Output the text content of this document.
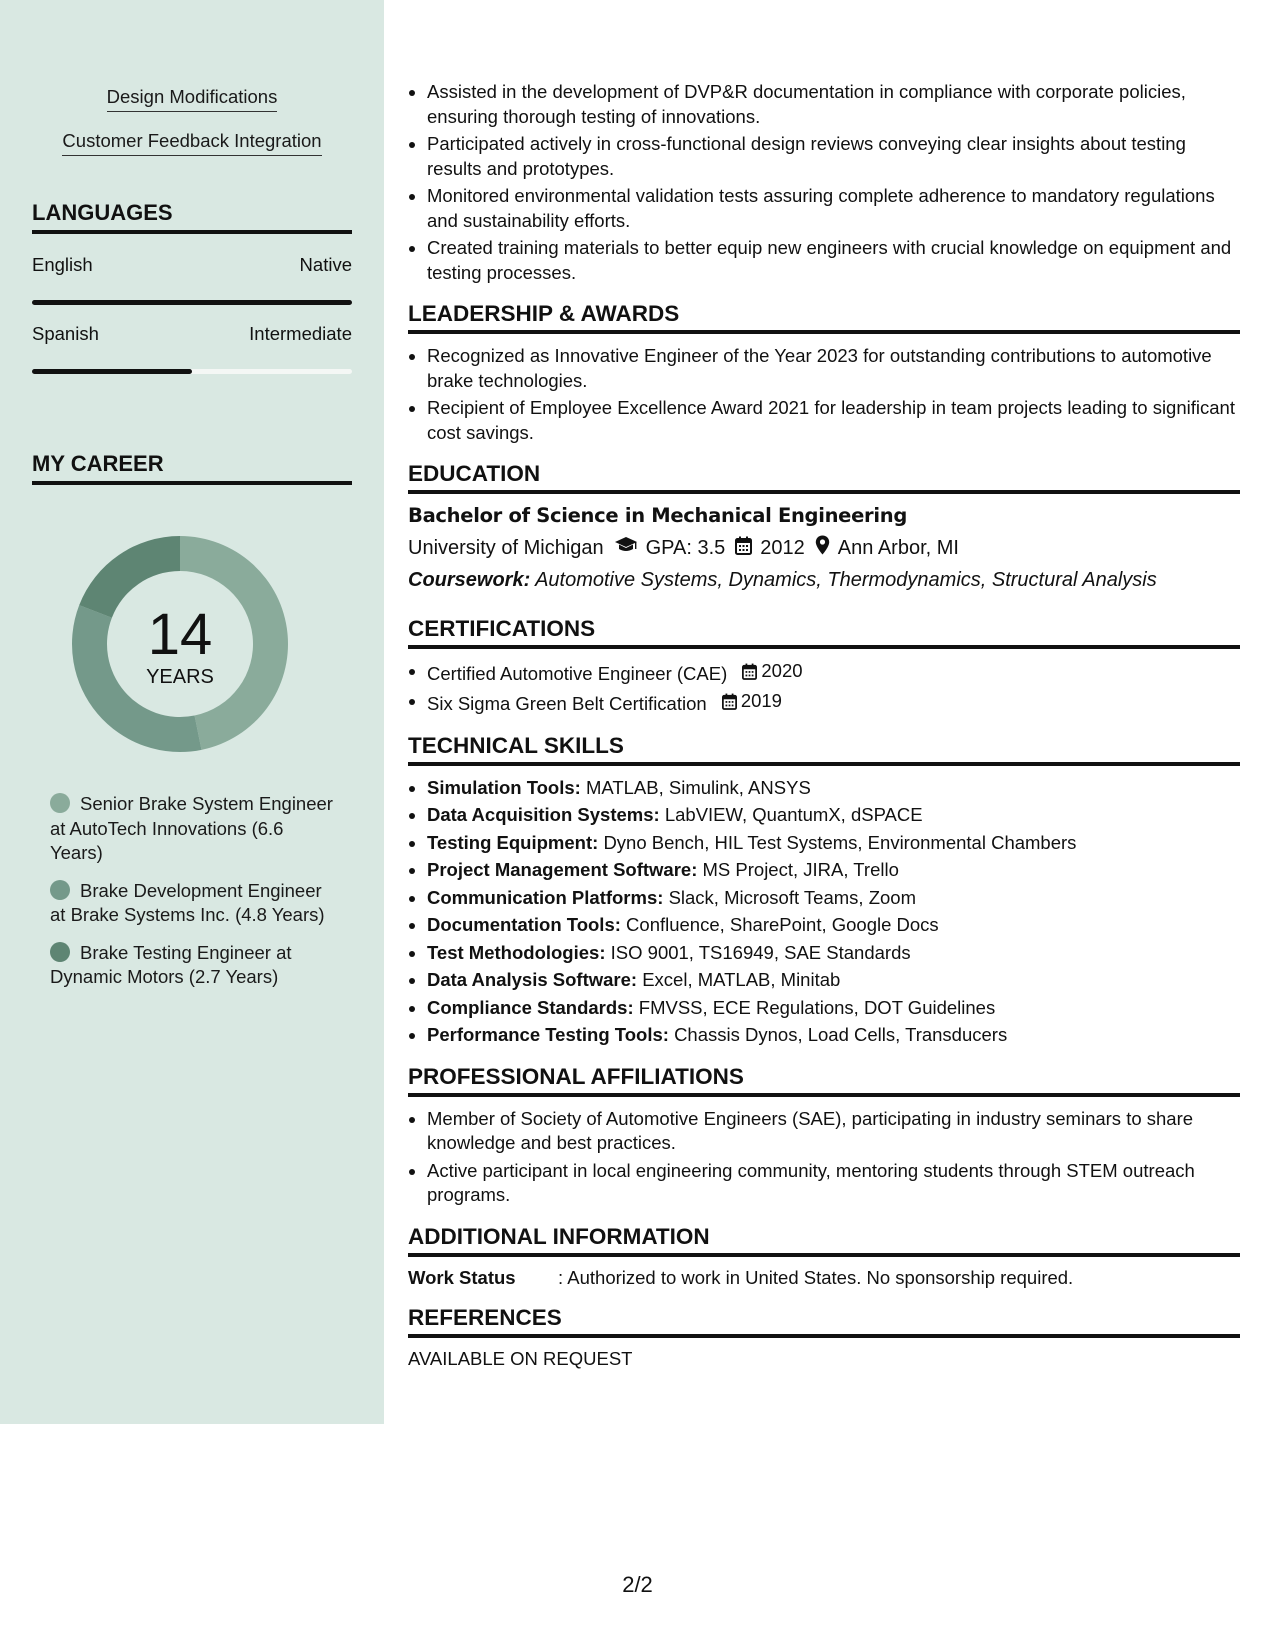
Design Modifications
Customer Feedback Integration
LANGUAGES
English	Native
Spanish	Intermediate
MY CAREER
14
YEARS
Senior Brake System Engineer at AutoTech Innovations (6.6 Years)
Brake Development Engineer at Brake Systems Inc. (4.8 Years)
Brake Testing Engineer at Dynamic Motors (2.7 Years)
Assisted in the development of DVP&R documentation in compliance with corporate policies, ensuring thorough testing of innovations.
Participated actively in cross-functional design reviews conveying clear insights about testing results and prototypes.
Monitored environmental validation tests assuring complete adherence to mandatory regulations and sustainability efforts.
Created training materials to better equip new engineers with crucial knowledge on equipment and testing processes.
LEADERSHIP & AWARDS
Recognized as Innovative Engineer of the Year 2023 for outstanding contributions to automotive brake technologies.
Recipient of Employee Excellence Award 2021 for leadership in team projects leading to significant cost savings.
EDUCATION
Bachelor of Science in Mechanical Engineering
University of Michigan GPA: 3.5 2012 Ann Arbor, MI
Coursework: Automotive Systems, Dynamics, Thermodynamics, Structural Analysis
CERTIFICATIONS
Certified Automotive Engineer (CAE) 2020
Six Sigma Green Belt Certification 2019
TECHNICAL SKILLS
Simulation Tools: MATLAB, Simulink, ANSYS
Data Acquisition Systems: LabVIEW, QuantumX, dSPACE
Testing Equipment: Dyno Bench, HIL Test Systems, Environmental Chambers
Project Management Software: MS Project, JIRA, Trello
Communication Platforms: Slack, Microsoft Teams, Zoom
Documentation Tools: Confluence, SharePoint, Google Docs
Test Methodologies: ISO 9001, TS16949, SAE Standards
Data Analysis Software: Excel, MATLAB, Minitab
Compliance Standards: FMVSS, ECE Regulations, DOT Guidelines
Performance Testing Tools: Chassis Dynos, Load Cells, Transducers
PROFESSIONAL AFFILIATIONS
Member of Society of Automotive Engineers (SAE), participating in industry seminars to share knowledge and best practices.
Active participant in local engineering community, mentoring students through STEM outreach programs.
ADDITIONAL INFORMATION
Work Status	: Authorized to work in United States. No sponsorship required.
REFERENCES
AVAILABLE ON REQUEST
2/2
